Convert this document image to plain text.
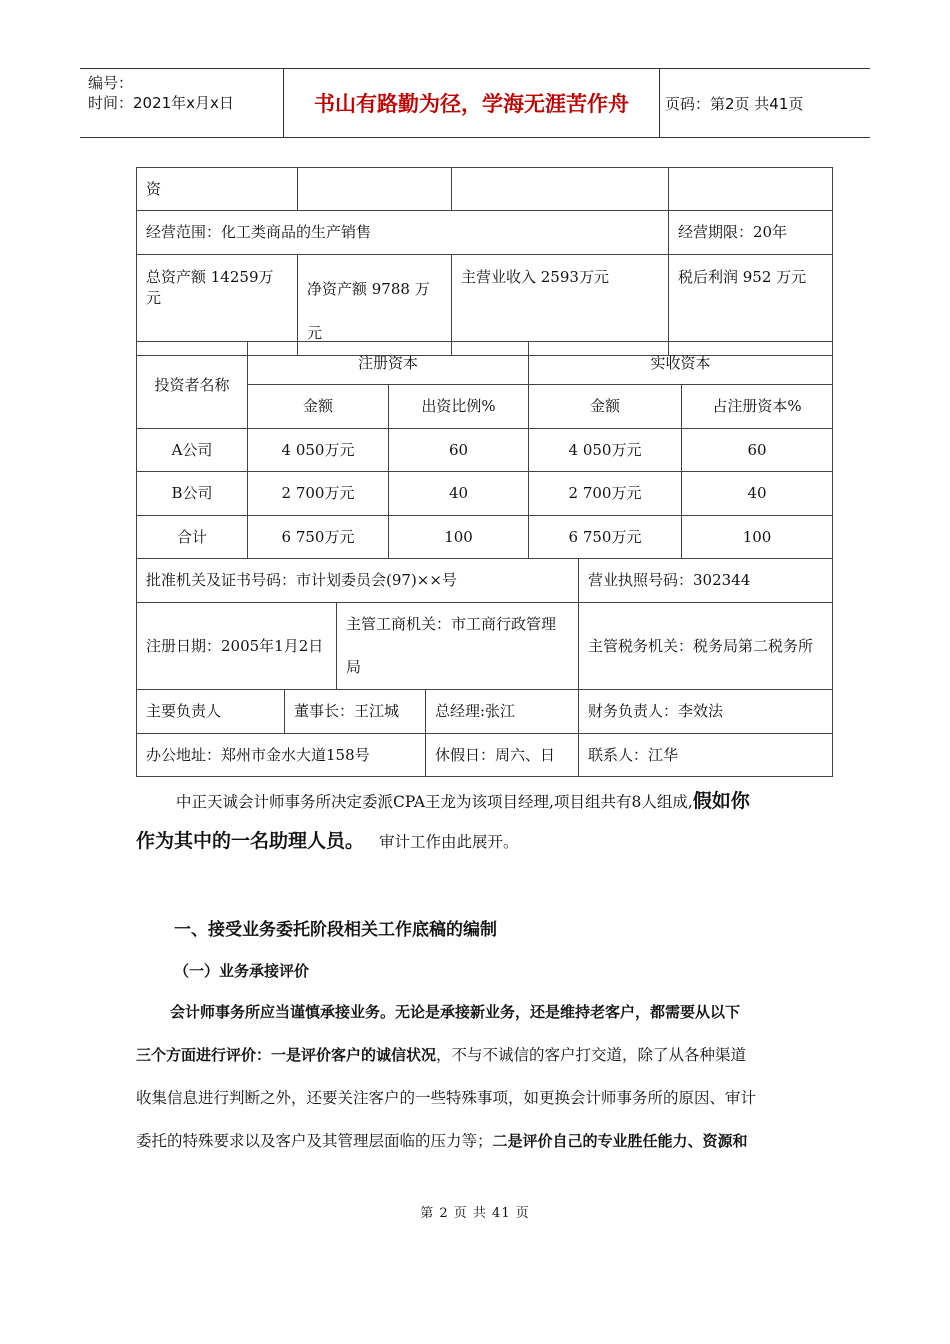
编号：
时间：2021年x月x日	书山有路勤为径，学海无涯苦作舟	页码：第2页 共41页
资			
经营范围：化工类商品的生产销售			经营期限：20年
总资产额 14259万元	净资产额 9788 万元	主营业收入 2593万元	税后利润 952 万元
投资者名称	注册资本		实收资本	
	金额	出资比例%	金额	占注册资本%
A公司	4 050万元	60	4 050万元	60
B公司	2 700万元	40	2 700万元	40
合计	6 750万元	100	6 750万元	100
批准机关及证书号码：市计划委员会(97)××号				营业执照号码：302344
注册日期：2005年1月2日		主管工商机关：市工商行政管理局		主管税务机关：税务局第二税务所
主要负责人	董事长：王江城		总经理:张江	财务负责人：李效法
办公地址：郑州市金水大道158号			休假日：周六、日	联系人：江华
中正天诚会计师事务所决定委派CPA王龙为该项目经理,项目组共有8人组成,假如你
作为其中的一名助理人员。 审计工作由此展开。
一、接受业务委托阶段相关工作底稿的编制
（一）业务承接评价
会计师事务所应当谨慎承接业务。无论是承接新业务，还是维持老客户，都需要从以下
三个方面进行评价：一是评价客户的诚信状况，不与不诚信的客户打交道，除了从各种渠道
收集信息进行判断之外，还要关注客户的一些特殊事项，如更换会计师事务所的原因、审计
委托的特殊要求以及客户及其管理层面临的压力等；二是评价自己的专业胜任能力、资源和
第 2 页 共 41 页
